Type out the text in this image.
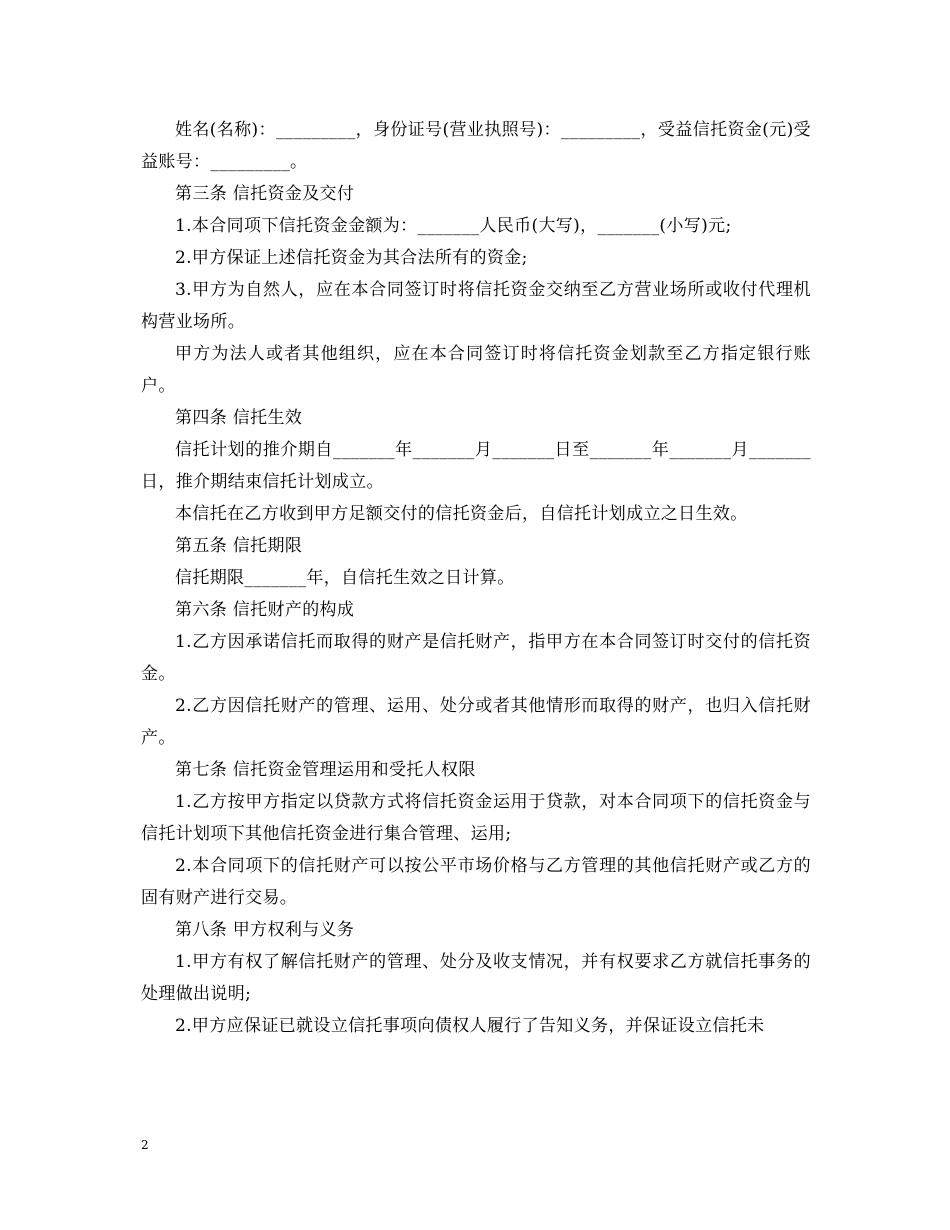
姓名(名称)：_________，身份证号(营业执照号)：_________，受益信托资金(元)受益账号：_________。

第三条 信托资金及交付

1.本合同项下信托资金金额为：_______人民币(大写)，_______(小写)元;

2.甲方保证上述信托资金为其合法所有的资金;

3.甲方为自然人，应在本合同签订时将信托资金交纳至乙方营业场所或收付代理机构营业场所。

甲方为法人或者其他组织，应在本合同签订时将信托资金划款至乙方指定银行账户。

第四条 信托生效

信托计划的推介期自_______年_______月_______日至_______年_______月_______日，推介期结束信托计划成立。

本信托在乙方收到甲方足额交付的信托资金后，自信托计划成立之日生效。

第五条 信托期限

信托期限_______年，自信托生效之日计算。

第六条 信托财产的构成

1.乙方因承诺信托而取得的财产是信托财产，指甲方在本合同签订时交付的信托资金。

2.乙方因信托财产的管理、运用、处分或者其他情形而取得的财产，也归入信托财产。

第七条 信托资金管理运用和受托人权限

1.乙方按甲方指定以贷款方式将信托资金运用于贷款，对本合同项下的信托资金与信托计划项下其他信托资金进行集合管理、运用;

2.本合同项下的信托财产可以按公平市场价格与乙方管理的其他信托财产或乙方的固有财产进行交易。

第八条 甲方权利与义务

1.甲方有权了解信托财产的管理、处分及收支情况，并有权要求乙方就信托事务的处理做出说明;

2.甲方应保证已就设立信托事项向债权人履行了告知义务，并保证设立信托未

2
